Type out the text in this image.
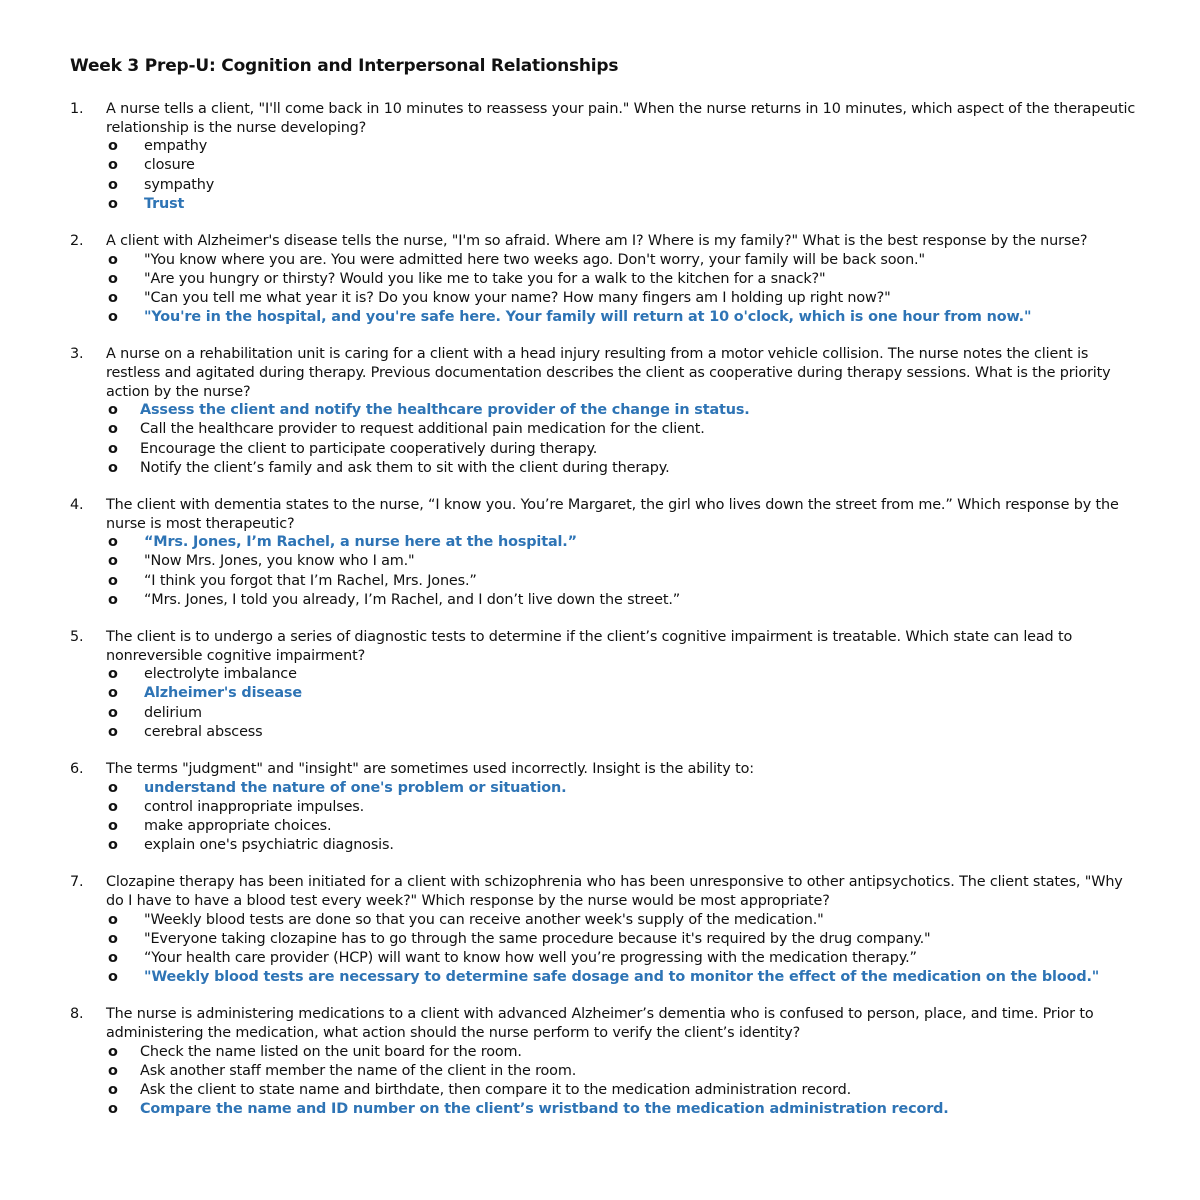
Week 3 Prep-U: Cognition and Interpersonal Relationships
1. A nurse tells a client, "I'll come back in 10 minutes to reassess your pain." When the nurse returns in 10 minutes, which aspect of the therapeutic relationship is the nurse developing?
o empathy
o closure
o sympathy
o Trust
2. A client with Alzheimer's disease tells the nurse, "I'm so afraid. Where am I? Where is my family?" What is the best response by the nurse?
o "You know where you are. You were admitted here two weeks ago. Don't worry, your family will be back soon."
o "Are you hungry or thirsty? Would you like me to take you for a walk to the kitchen for a snack?"
o "Can you tell me what year it is? Do you know your name? How many fingers am I holding up right now?"
o "You're in the hospital, and you're safe here. Your family will return at 10 o'clock, which is one hour from now."
3. A nurse on a rehabilitation unit is caring for a client with a head injury resulting from a motor vehicle collision. The nurse notes the client is restless and agitated during therapy. Previous documentation describes the client as cooperative during therapy sessions. What is the priority action by the nurse?
o Assess the client and notify the healthcare provider of the change in status.
o Call the healthcare provider to request additional pain medication for the client.
o Encourage the client to participate cooperatively during therapy.
o Notify the client’s family and ask them to sit with the client during therapy.
4. The client with dementia states to the nurse, “I know you. You’re Margaret, the girl who lives down the street from me.” Which response by the nurse is most therapeutic?
o “Mrs. Jones, I’m Rachel, a nurse here at the hospital.”
o "Now Mrs. Jones, you know who I am."
o “I think you forgot that I’m Rachel, Mrs. Jones.”
o “Mrs. Jones, I told you already, I’m Rachel, and I don’t live down the street.”
5. The client is to undergo a series of diagnostic tests to determine if the client’s cognitive impairment is treatable. Which state can lead to nonreversible cognitive impairment?
o electrolyte imbalance
o Alzheimer's disease
o delirium
o cerebral abscess
6. The terms "judgment" and "insight" are sometimes used incorrectly. Insight is the ability to:
o understand the nature of one's problem or situation.
o control inappropriate impulses.
o make appropriate choices.
o explain one's psychiatric diagnosis.
7. Clozapine therapy has been initiated for a client with schizophrenia who has been unresponsive to other antipsychotics. The client states, "Why do I have to have a blood test every week?" Which response by the nurse would be most appropriate?
o "Weekly blood tests are done so that you can receive another week's supply of the medication."
o "Everyone taking clozapine has to go through the same procedure because it's required by the drug company."
o “Your health care provider (HCP) will want to know how well you’re progressing with the medication therapy.”
o "Weekly blood tests are necessary to determine safe dosage and to monitor the effect of the medication on the blood."
8. The nurse is administering medications to a client with advanced Alzheimer’s dementia who is confused to person, place, and time. Prior to administering the medication, what action should the nurse perform to verify the client’s identity?
o Check the name listed on the unit board for the room.
o Ask another staff member the name of the client in the room.
o Ask the client to state name and birthdate, then compare it to the medication administration record.
o Compare the name and ID number on the client’s wristband to the medication administration record.
